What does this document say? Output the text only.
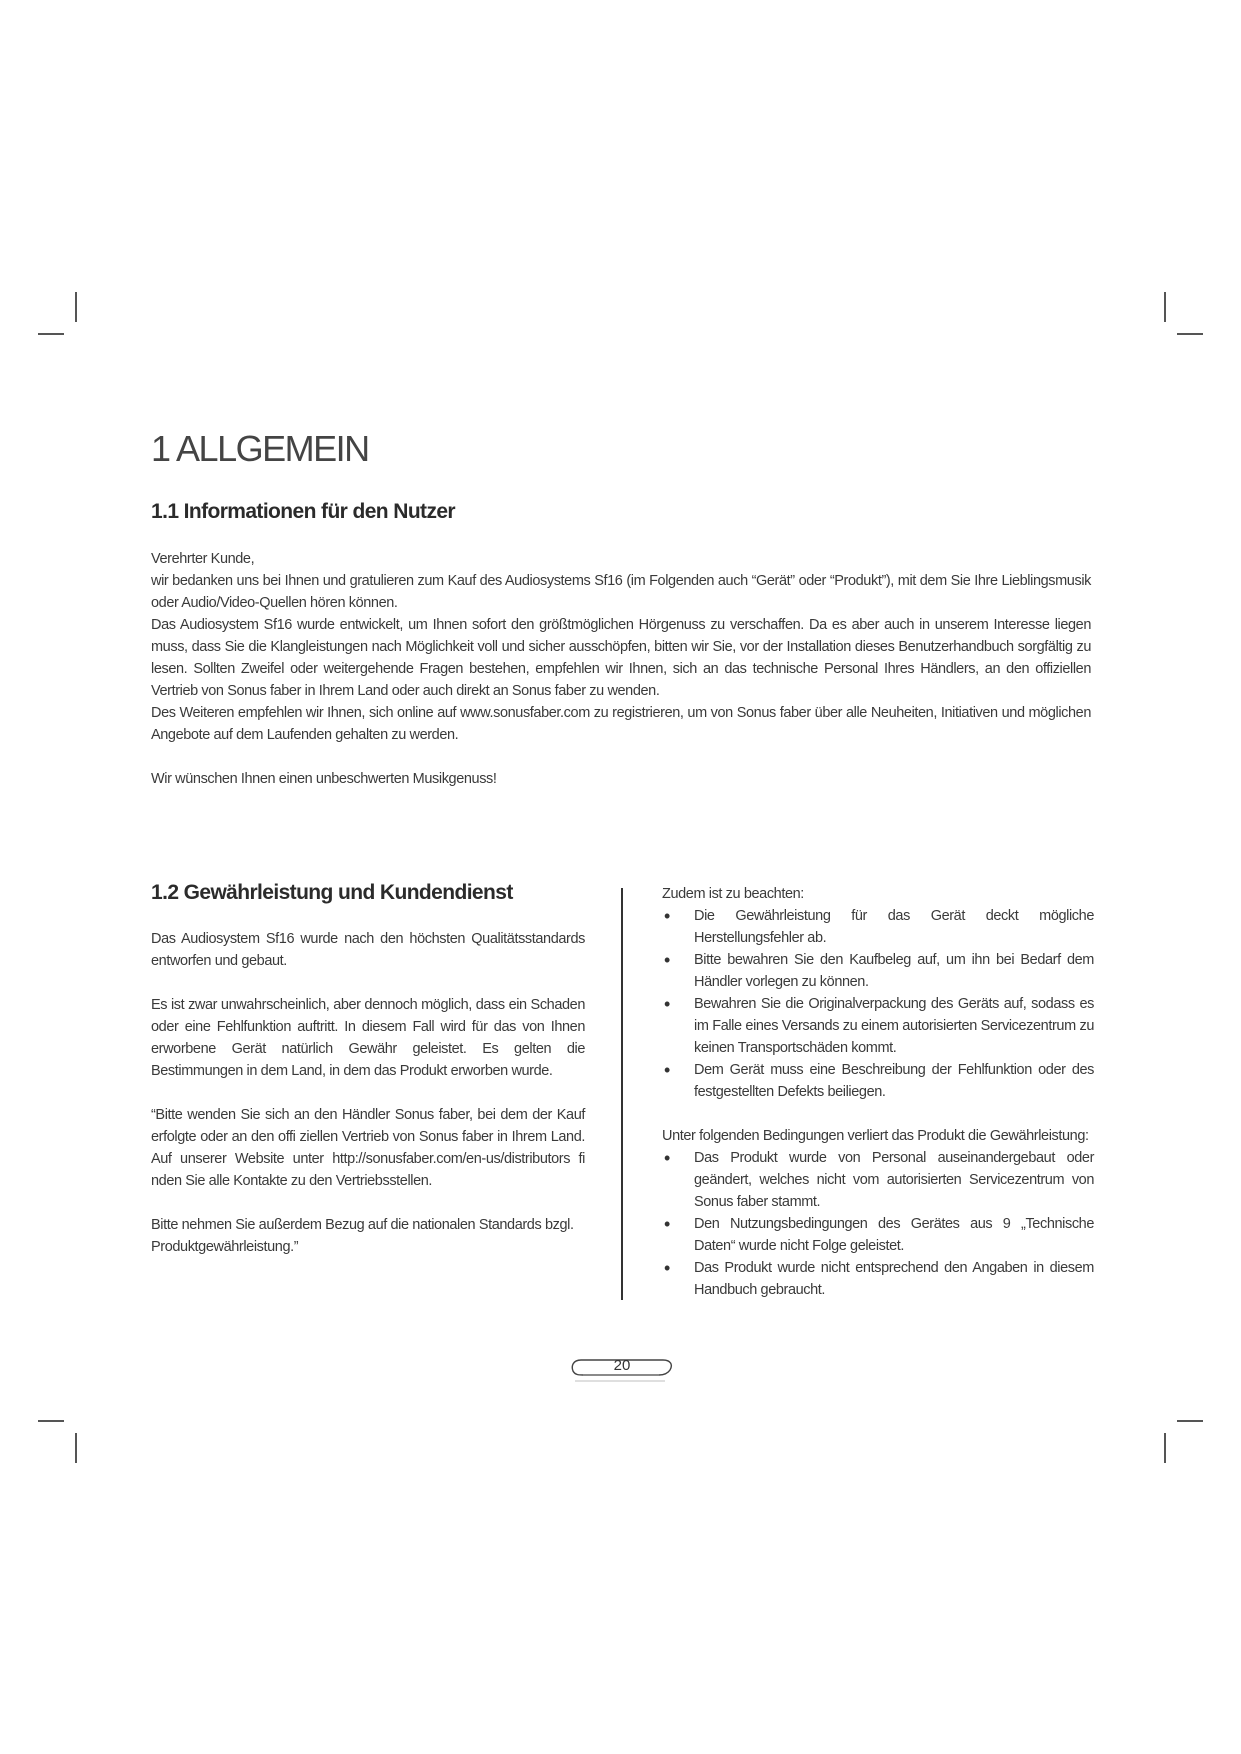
1 ALLGEMEIN
1.1 Informationen für den Nutzer

Verehrter Kunde,

wir bedanken uns bei Ihnen und gratulieren zum Kauf des Audiosystems Sf16 (im Folgenden auch “Gerät” oder “Produkt”), mit dem Sie Ihre Lieblingsmusik oder Audio/Video-Quellen hören können.

Das Audiosystem Sf16 wurde entwickelt, um Ihnen sofort den größtmöglichen Hörgenuss zu verschaffen. Da es aber auch in unserem Interesse liegen muss, dass Sie die Klangleistungen nach Möglichkeit voll und sicher ausschöpfen, bitten wir Sie, vor der Installation dieses Benutzerhandbuch sorgfältig zu lesen. Sollten Zweifel oder weitergehende Fragen bestehen, empfehlen wir Ihnen, sich an das technische Personal Ihres Händlers, an den offiziellen Vertrieb von Sonus faber in Ihrem Land oder auch direkt an Sonus faber zu wenden.

Des Weiteren empfehlen wir Ihnen, sich online auf www.sonusfaber.com zu registrieren, um von Sonus faber über alle Neuheiten, Initiativen und möglichen Angebote auf dem Laufenden gehalten zu werden.

Wir wünschen Ihnen einen unbeschwerten Musikgenuss!

1.2 Gewährleistung und Kundendienst

Das Audiosystem Sf16 wurde nach den höchsten Qualitätsstandards entworfen und gebaut.

Es ist zwar unwahrscheinlich, aber dennoch möglich, dass ein Schaden oder eine Fehlfunktion auftritt. In diesem Fall wird für das von Ihnen erworbene Gerät natürlich Gewähr geleistet. Es gelten die Bestimmungen in dem Land, in dem das Produkt erworben wurde.

“Bitte wenden Sie sich an den Händler Sonus faber, bei dem der Kauf erfolgte oder an den offi ziellen Vertrieb von Sonus faber in Ihrem Land. Auf unserer Website unter http://sonusfaber.com/en-us/distributors fi nden Sie alle Kontakte zu den Vertriebsstellen.

Bitte nehmen Sie außerdem Bezug auf die nationalen Standards bzgl. Produktgewährleistung.”

Zudem ist zu beachten:

• Die Gewährleistung für das Gerät deckt mögliche Herstellungsfehler ab.
• Bitte bewahren Sie den Kaufbeleg auf, um ihn bei Bedarf dem Händler vorlegen zu können.
• Bewahren Sie die Originalverpackung des Geräts auf, sodass es im Falle eines Versands zu einem autorisierten Servicezentrum zu keinen Transportschäden kommt.
• Dem Gerät muss eine Beschreibung der Fehlfunktion oder des festgestellten Defekts beiliegen.

Unter folgenden Bedingungen verliert das Produkt die Gewährleistung:

• Das Produkt wurde von Personal auseinandergebaut oder geändert, welches nicht vom autorisierten Servicezentrum von Sonus faber stammt.
• Den Nutzungsbedingungen des Gerätes aus 9 „Technische Daten“ wurde nicht Folge geleistet.
• Das Produkt wurde nicht entsprechend den Angaben in diesem Handbuch gebraucht.
20
